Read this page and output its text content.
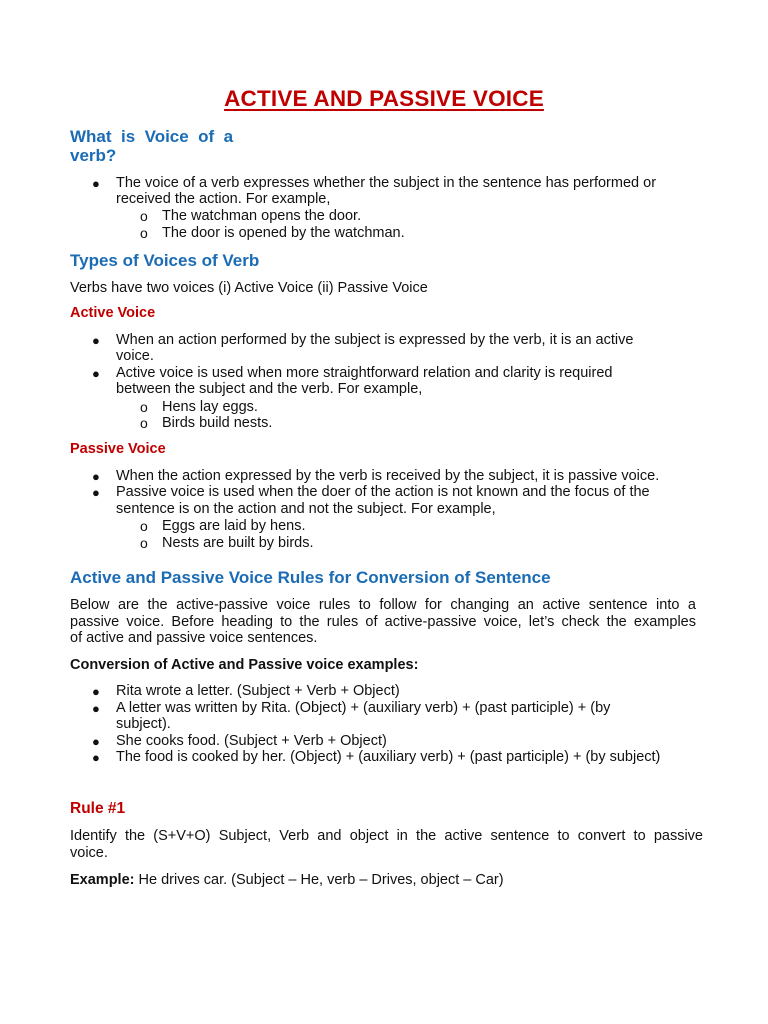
ACTIVE AND PASSIVE VOICE
What  is  Voice  of  a
verb?
● The voice of a verb expresses whether the subject in the sentence has performed or
received the action. For example,
o The watchman opens the door.
o The door is opened by the watchman.
Types of Voices of Verb
Verbs have two voices (i) Active Voice (ii) Passive Voice
Active Voice
● When an action performed by the subject is expressed by the verb, it is an active
voice.
● Active voice is used when more straightforward relation and clarity is required
between the subject and the verb. For example,
o Hens lay eggs.
o Birds build nests.
Passive Voice
● When the action expressed by the verb is received by the subject, it is passive voice.
● Passive voice is used when the doer of the action is not known and the focus of the
sentence is on the action and not the subject. For example,
o Eggs are laid by hens.
o Nests are built by birds.
Active and Passive Voice Rules for Conversion of Sentence
Below are the active-passive voice rules to follow for changing an active sentence into a
passive voice. Before heading to the rules of active-passive voice, let’s check the examples
of active and passive voice sentences.
Conversion of Active and Passive voice examples:
● Rita wrote a letter. (Subject + Verb + Object)
● A letter was written by Rita. (Object) + (auxiliary verb) + (past participle) + (by
subject).
● She cooks food. (Subject + Verb + Object)
● The food is cooked by her. (Object) + (auxiliary verb) + (past participle) + (by subject)
Rule #1
Identify the (S+V+O) Subject, Verb and object in the active sentence to convert to passive
voice.
Example: He drives car. (Subject – He, verb – Drives, object – Car)
